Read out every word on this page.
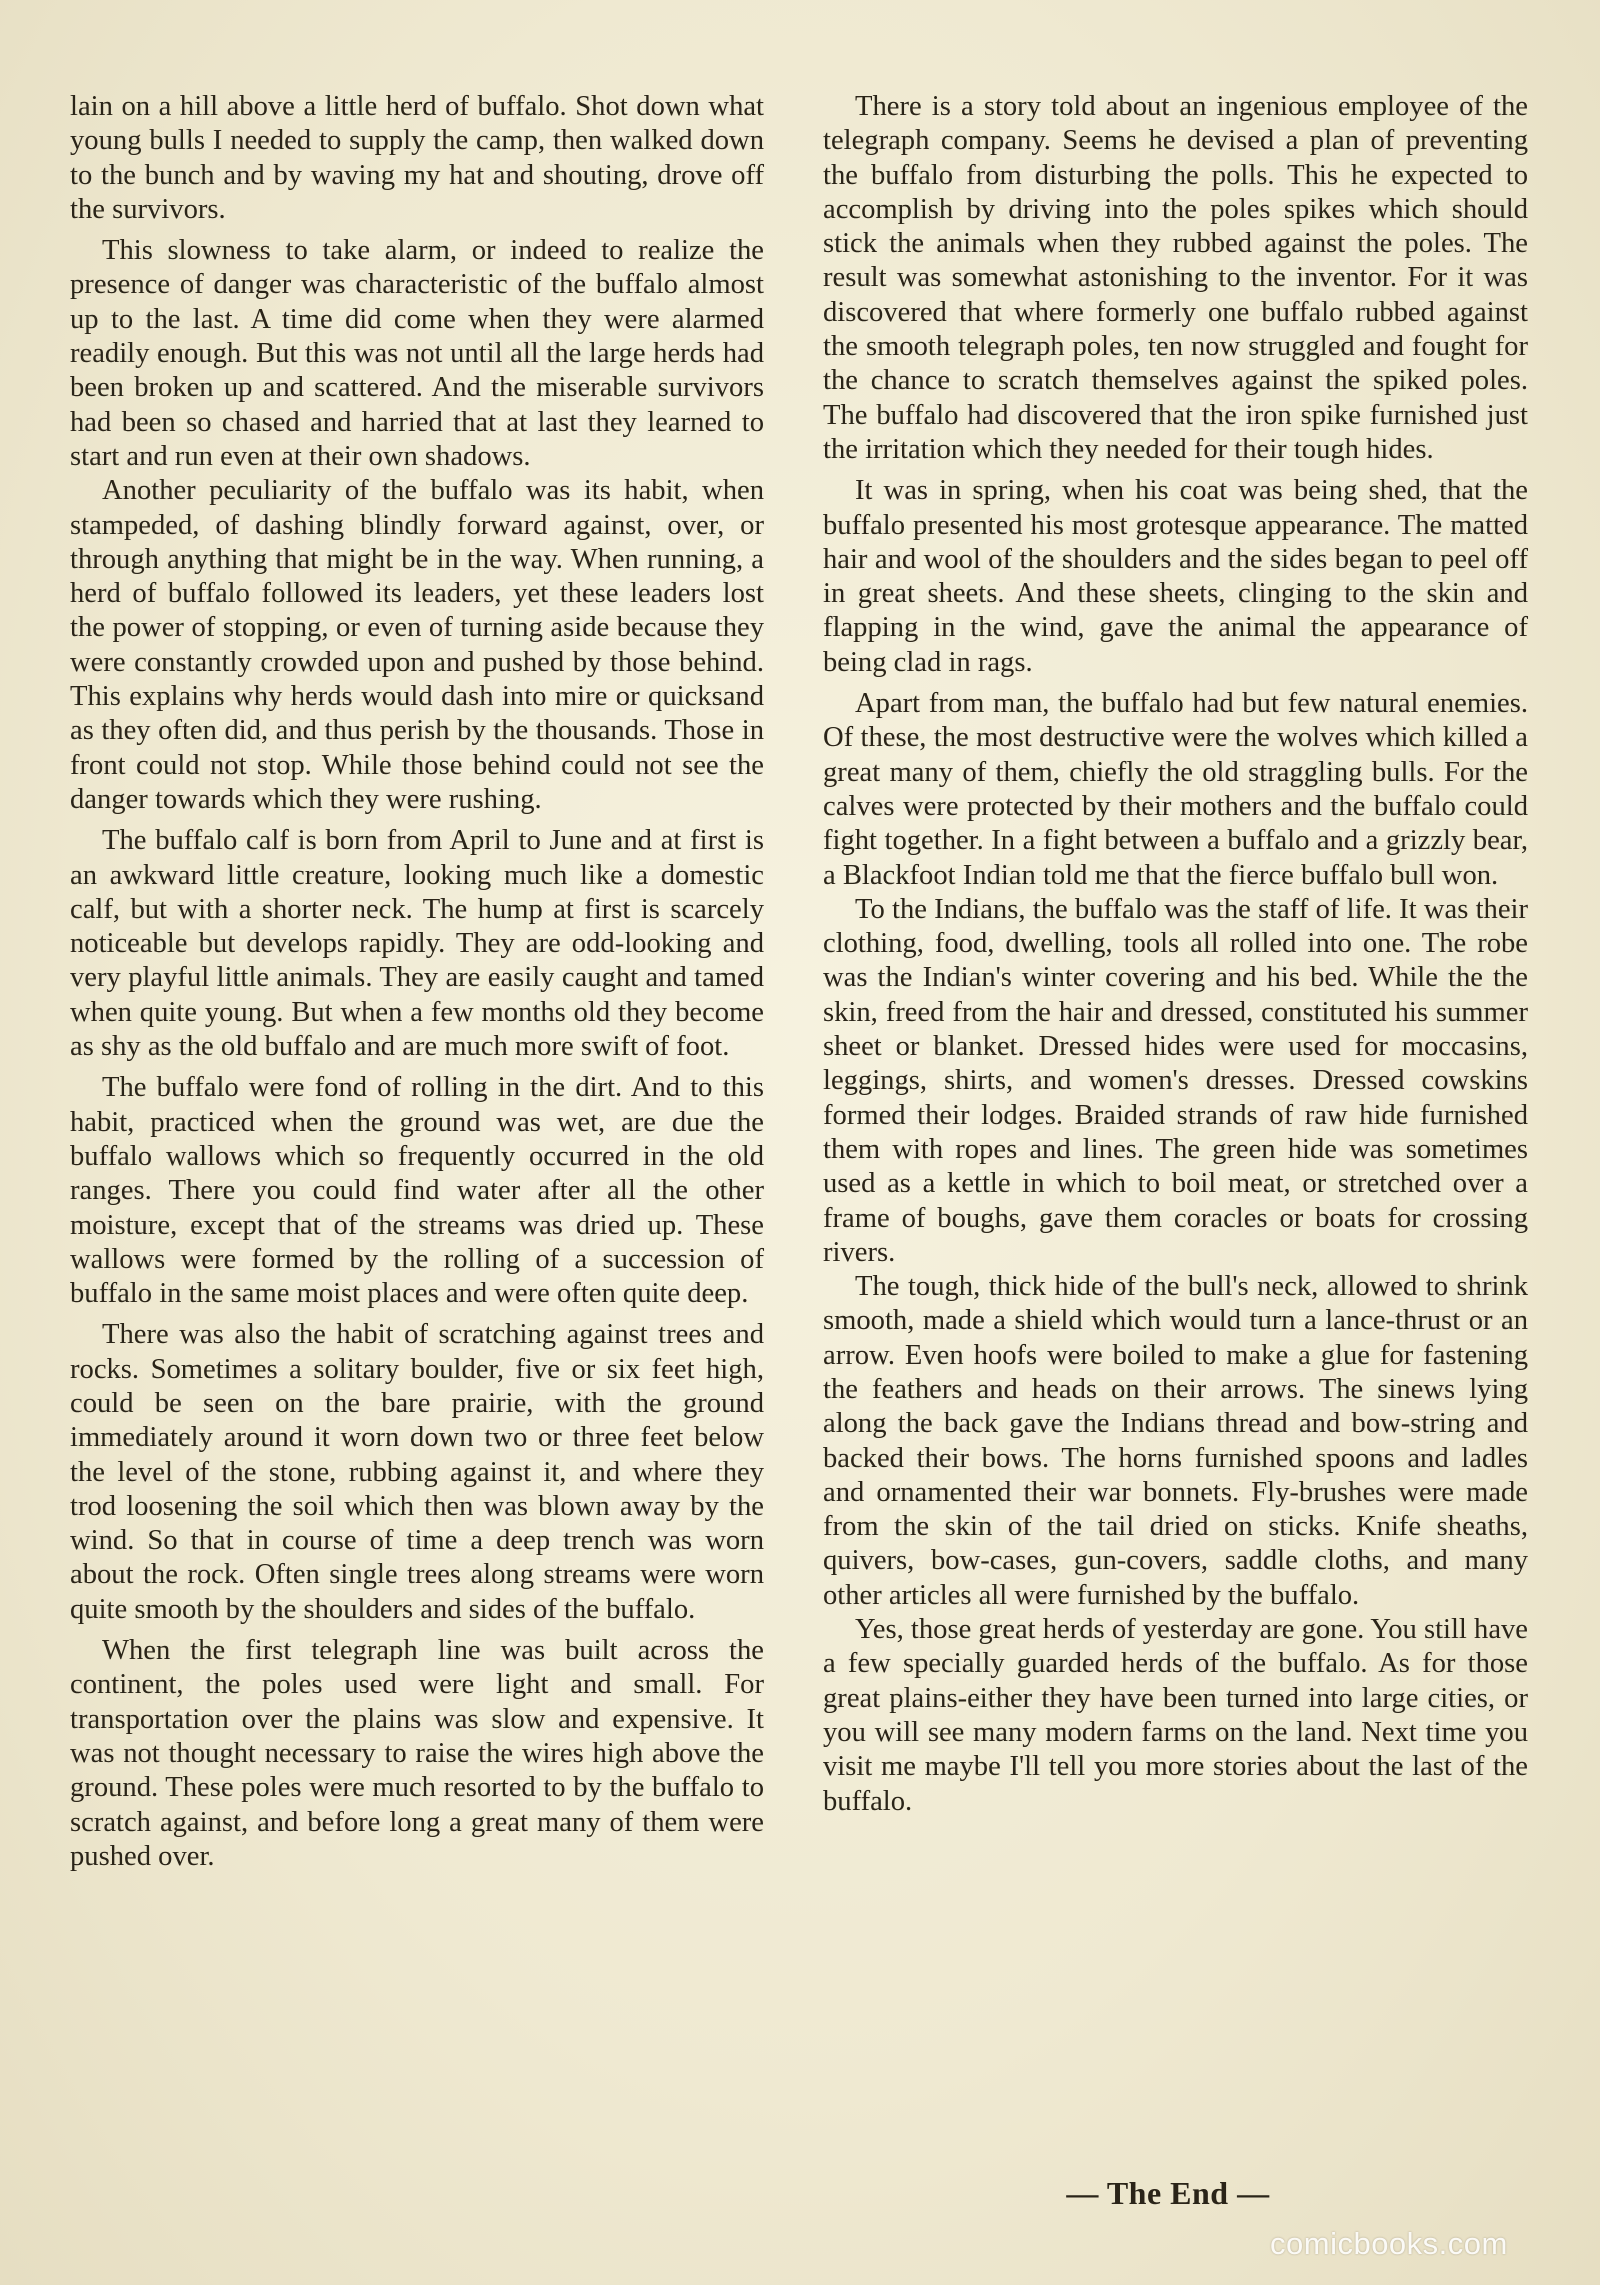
lain on a hill above a little herd of buffalo. Shot down what young bulls I needed to supply the camp, then walked down to the bunch and by waving my hat and shouting, drove off the survivors.

This slowness to take alarm, or indeed to realize the presence of danger was characteristic of the buffalo almost up to the last. A time did come when they were alarmed readily enough. But this was not until all the large herds had been broken up and scattered. And the miserable survivors had been so chased and harried that at last they learned to start and run even at their own shadows.

Another peculiarity of the buffalo was its habit, when stampeded, of dashing blindly forward against, over, or through anything that might be in the way. When running, a herd of buffalo followed its leaders, yet these leaders lost the power of stopping, or even of turning aside because they were constantly crowded upon and pushed by those behind. This explains why herds would dash into mire or quicksand as they often did, and thus perish by the thousands. Those in front could not stop. While those behind could not see the danger towards which they were rushing.

The buffalo calf is born from April to June and at first is an awkward little creature, looking much like a domestic calf, but with a shorter neck. The hump at first is scarcely noticeable but develops rapidly. They are odd-looking and very playful little animals. They are easily caught and tamed when quite young. But when a few months old they become as shy as the old buffalo and are much more swift of foot.

The buffalo were fond of rolling in the dirt. And to this habit, practiced when the ground was wet, are due the buffalo wallows which so frequently occurred in the old ranges. There you could find water after all the other moisture, except that of the streams was dried up. These wallows were formed by the rolling of a succession of buffalo in the same moist places and were often quite deep.

There was also the habit of scratching against trees and rocks. Sometimes a solitary boulder, five or six feet high, could be seen on the bare prairie, with the ground immediately around it worn down two or three feet below the level of the stone, rubbing against it, and where they trod loosening the soil which then was blown away by the wind. So that in course of time a deep trench was worn about the rock. Often single trees along streams were worn quite smooth by the shoulders and sides of the buffalo.

When the first telegraph line was built across the continent, the poles used were light and small. For transportation over the plains was slow and expensive. It was not thought necessary to raise the wires high above the ground. These poles were much resorted to by the buffalo to scratch against, and before long a great many of them were pushed over.

There is a story told about an ingenious employee of the telegraph company. Seems he devised a plan of preventing the buffalo from disturbing the polls. This he expected to accomplish by driving into the poles spikes which should stick the animals when they rubbed against the poles. The result was somewhat astonishing to the inventor. For it was discovered that where formerly one buffalo rubbed against the smooth telegraph poles, ten now struggled and fought for the chance to scratch themselves against the spiked poles. The buffalo had discovered that the iron spike furnished just the irritation which they needed for their tough hides.

It was in spring, when his coat was being shed, that the buffalo presented his most grotesque appearance. The matted hair and wool of the shoulders and the sides began to peel off in great sheets. And these sheets, clinging to the skin and flapping in the wind, gave the animal the appearance of being clad in rags.

Apart from man, the buffalo had but few natural enemies. Of these, the most destructive were the wolves which killed a great many of them, chiefly the old straggling bulls. For the calves were protected by their mothers and the buffalo could fight together. In a fight between a buffalo and a grizzly bear, a Blackfoot Indian told me that the fierce buffalo bull won.

To the Indians, the buffalo was the staff of life. It was their clothing, food, dwelling, tools all rolled into one. The robe was the Indian's winter covering and his bed. While the the skin, freed from the hair and dressed, constituted his summer sheet or blanket. Dressed hides were used for moccasins, leggings, shirts, and women's dresses. Dressed cowskins formed their lodges. Braided strands of raw hide furnished them with ropes and lines. The green hide was sometimes used as a kettle in which to boil meat, or stretched over a frame of boughs, gave them coracles or boats for crossing rivers.

The tough, thick hide of the bull's neck, allowed to shrink smooth, made a shield which would turn a lance-thrust or an arrow. Even hoofs were boiled to make a glue for fastening the feathers and heads on their arrows. The sinews lying along the back gave the Indians thread and bow-string and backed their bows. The horns furnished spoons and ladles and ornamented their war bonnets. Fly-brushes were made from the skin of the tail dried on sticks. Knife sheaths, quivers, bow-cases, gun-covers, saddle cloths, and many other articles all were furnished by the buffalo.

Yes, those great herds of yesterday are gone. You still have a few specially guarded herds of the buffalo. As for those great plains-either they have been turned into large cities, or you will see many modern farms on the land. Next time you visit me maybe I'll tell you more stories about the last of the buffalo.

— The End —
comicbooks.com
